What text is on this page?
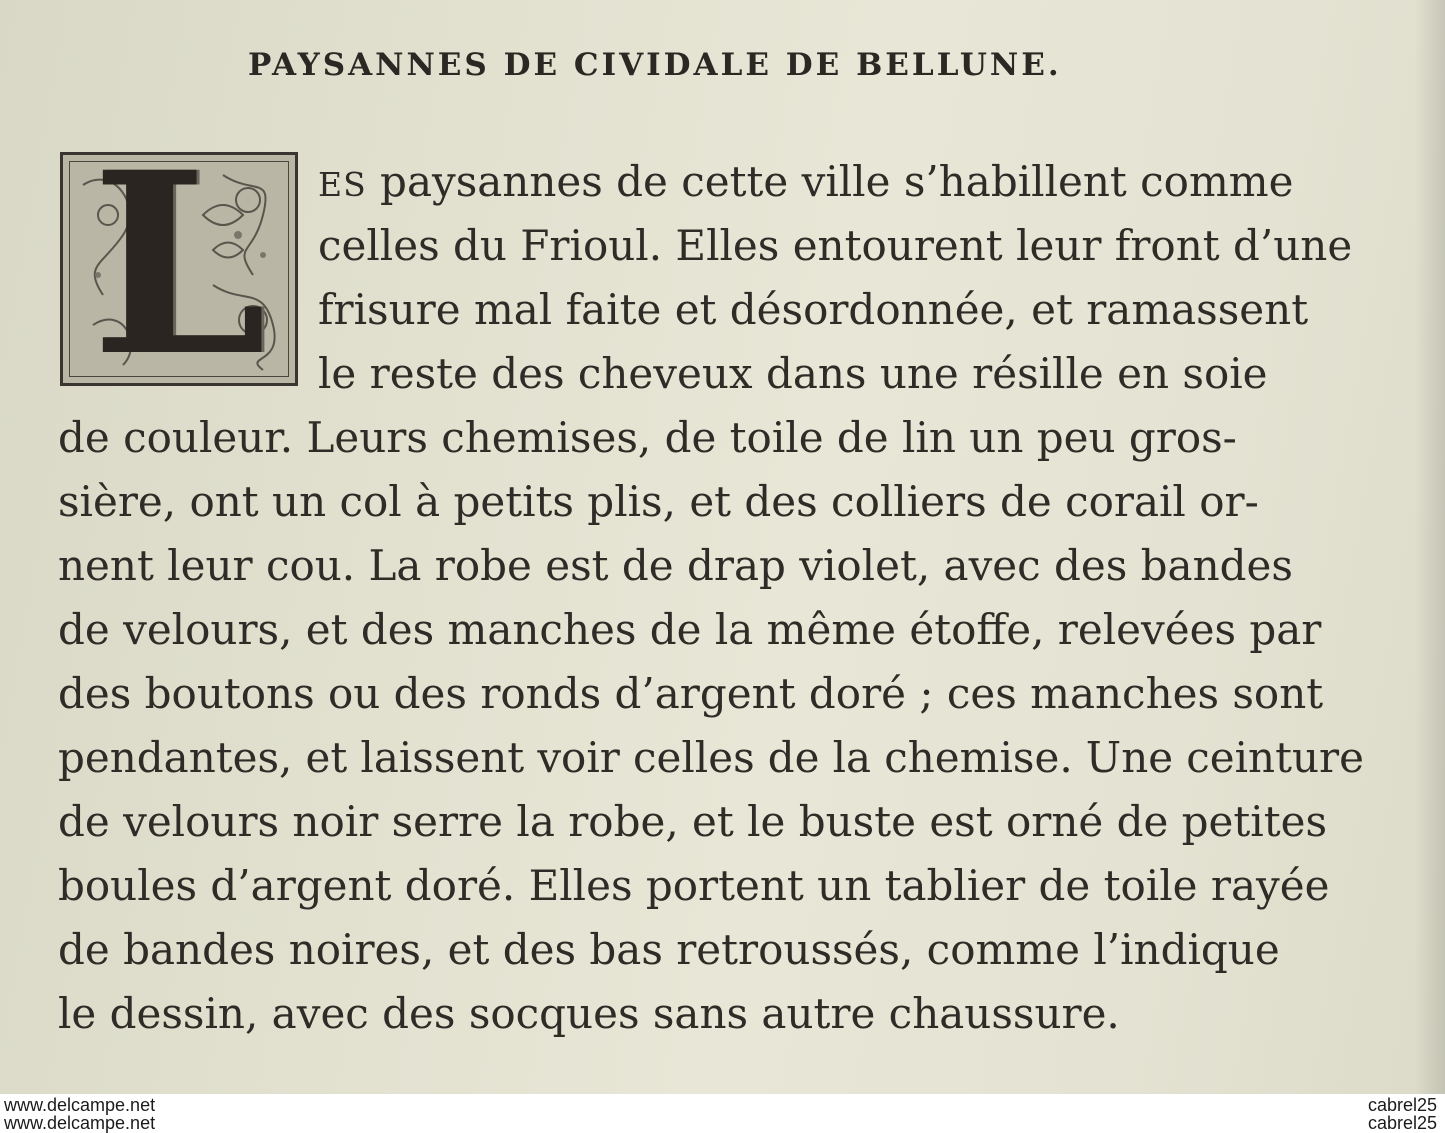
PAYSANNES DE CIVIDALE DE BELLUNE.
L	ES paysannes de cette ville s’habillent comme
celles du Frioul. Elles entourent leur front d’une
frisure mal faite et désordonnée, et ramassent
le reste des cheveux dans une résille en soie
de couleur. Leurs chemises, de toile de lin un peu gros-
sière, ont un col à petits plis, et des colliers de corail or-
nent leur cou. La robe est de drap violet, avec des bandes
de velours, et des manches de la même étoffe, relevées par
des boutons ou des ronds d’argent doré ; ces manches sont
pendantes, et laissent voir celles de la chemise. Une ceinture
de velours noir serre la robe, et le buste est orné de petites
boules d’argent doré. Elles portent un tablier de toile rayée
de bandes noires, et des bas retroussés, comme l’indique
le dessin, avec des socques sans autre chaussure.
www.delcampe.net
www.delcampe.net
cabrel25
cabrel25
